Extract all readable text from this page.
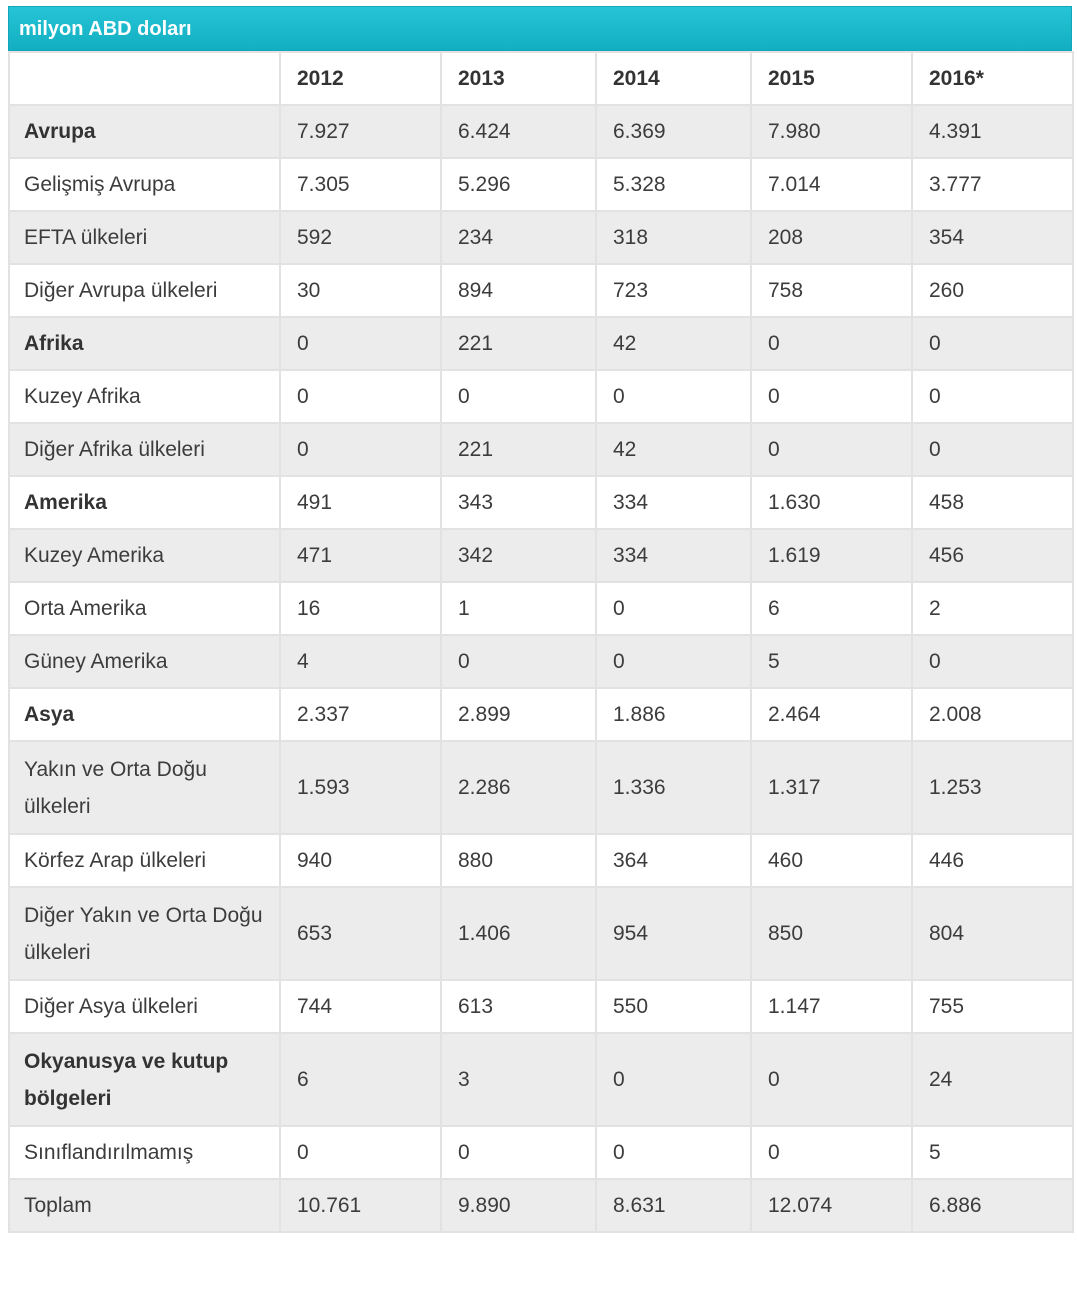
milyon ABD doları
	2012	2013	2014	2015	2016*
Avrupa	7.927	6.424	6.369	7.980	4.391
Gelişmiş Avrupa	7.305	5.296	5.328	7.014	3.777
EFTA ülkeleri	592	234	318	208	354
Diğer Avrupa ülkeleri	30	894	723	758	260
Afrika	0	221	42	0	0
Kuzey Afrika	0	0	0	0	0
Diğer Afrika ülkeleri	0	221	42	0	0
Amerika	491	343	334	1.630	458
Kuzey Amerika	471	342	334	1.619	456
Orta Amerika	16	1	0	6	2
Güney Amerika	4	0	0	5	0
Asya	2.337	2.899	1.886	2.464	2.008
Yakın ve Orta Doğu ülkeleri	1.593	2.286	1.336	1.317	1.253
Körfez Arap ülkeleri	940	880	364	460	446
Diğer Yakın ve Orta Doğu ülkeleri	653	1.406	954	850	804
Diğer Asya ülkeleri	744	613	550	1.147	755
Okyanusya ve kutup bölgeleri	6	3	0	0	24
Sınıflandırılmamış	0	0	0	0	5
Toplam	10.761	9.890	8.631	12.074	6.886
